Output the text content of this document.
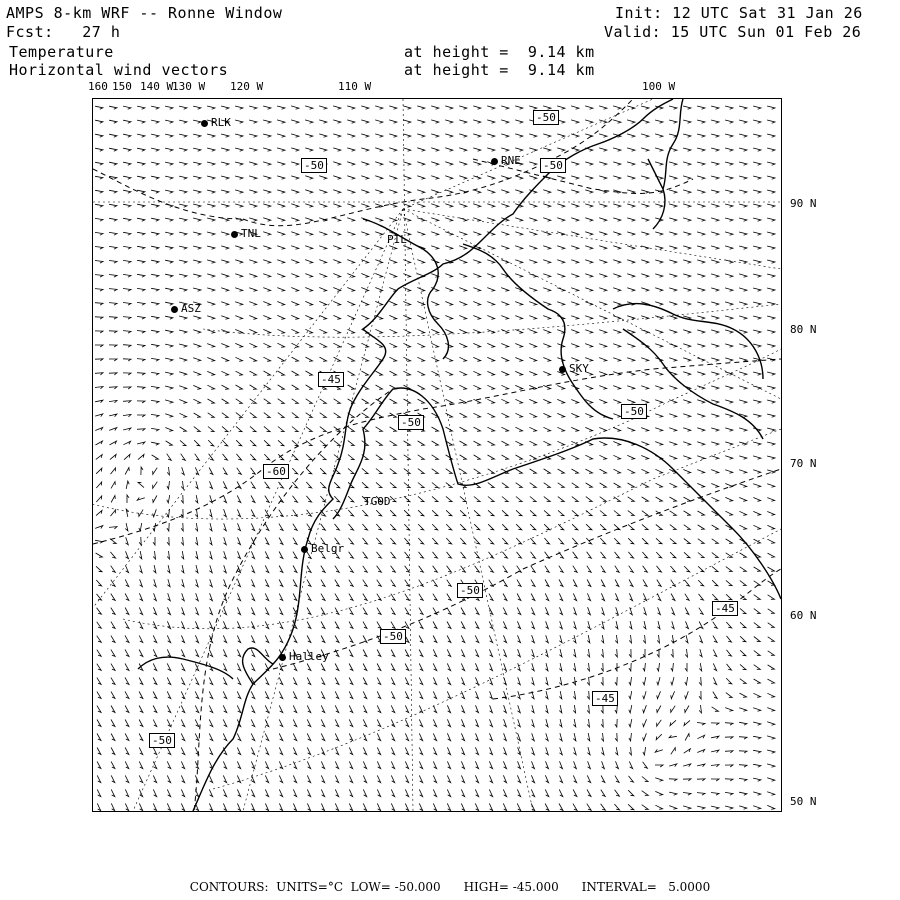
AMPS 8-km WRF -- Ronne Window	Init: 12 UTC Sat 31 Jan 26
Fcst:   27 h	Valid: 15 UTC Sun 01 Feb 26
Temperature	at height =  9.14 km
Horizontal wind vectors	at height =  9.14 km
160 150 140 W
130 W 120 W	110 W	100 W
90 N
80 N
70 N
60 N
50 N
-50
-50	-50
-45
-50
-60
-50
-50
-50
-45
-45
-50
RLK
RNE
TNL	PIL
ASZ
SKY
TGOD
Belgr
Halley
CONTOURS:  UNITS=°C  LOW= -50.000      HIGH= -45.000      INTERVAL=   5.0000
